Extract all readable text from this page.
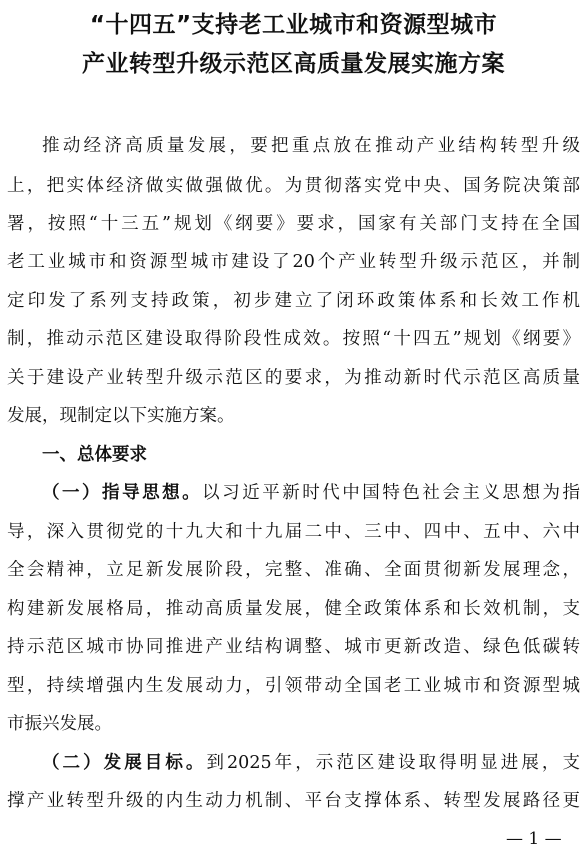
“十四五”支持老工业城市和资源型城市
产业转型升级示范区高质量发展实施方案

推动经济高质量发展，要把重点放在推动产业结构转型升级

上，把实体经济做实做强做优。为贯彻落实党中央、国务院决策部

署，按照“十三五”规划《纲要》要求，国家有关部门支持在全国

老工业城市和资源型城市建设了20个产业转型升级示范区，并制

定印发了系列支持政策，初步建立了闭环政策体系和长效工作机

制，推动示范区建设取得阶段性成效。按照“十四五”规划《纲要》

关于建设产业转型升级示范区的要求，为推动新时代示范区高质量

发展，现制定以下实施方案。

一、总体要求

（一）指导思想。以习近平新时代中国特色社会主义思想为指

导，深入贯彻党的十九大和十九届二中、三中、四中、五中、六中

全会精神，立足新发展阶段，完整、准确、全面贯彻新发展理念，

构建新发展格局，推动高质量发展，健全政策体系和长效机制，支

持示范区城市协同推进产业结构调整、城市更新改造、绿色低碳转

型，持续增强内生发展动力，引领带动全国老工业城市和资源型城

市振兴发展。

（二）发展目标。到2025年，示范区建设取得明显进展，支

撑产业转型升级的内生动力机制、平台支撑体系、转型发展路径更

— 1 —
